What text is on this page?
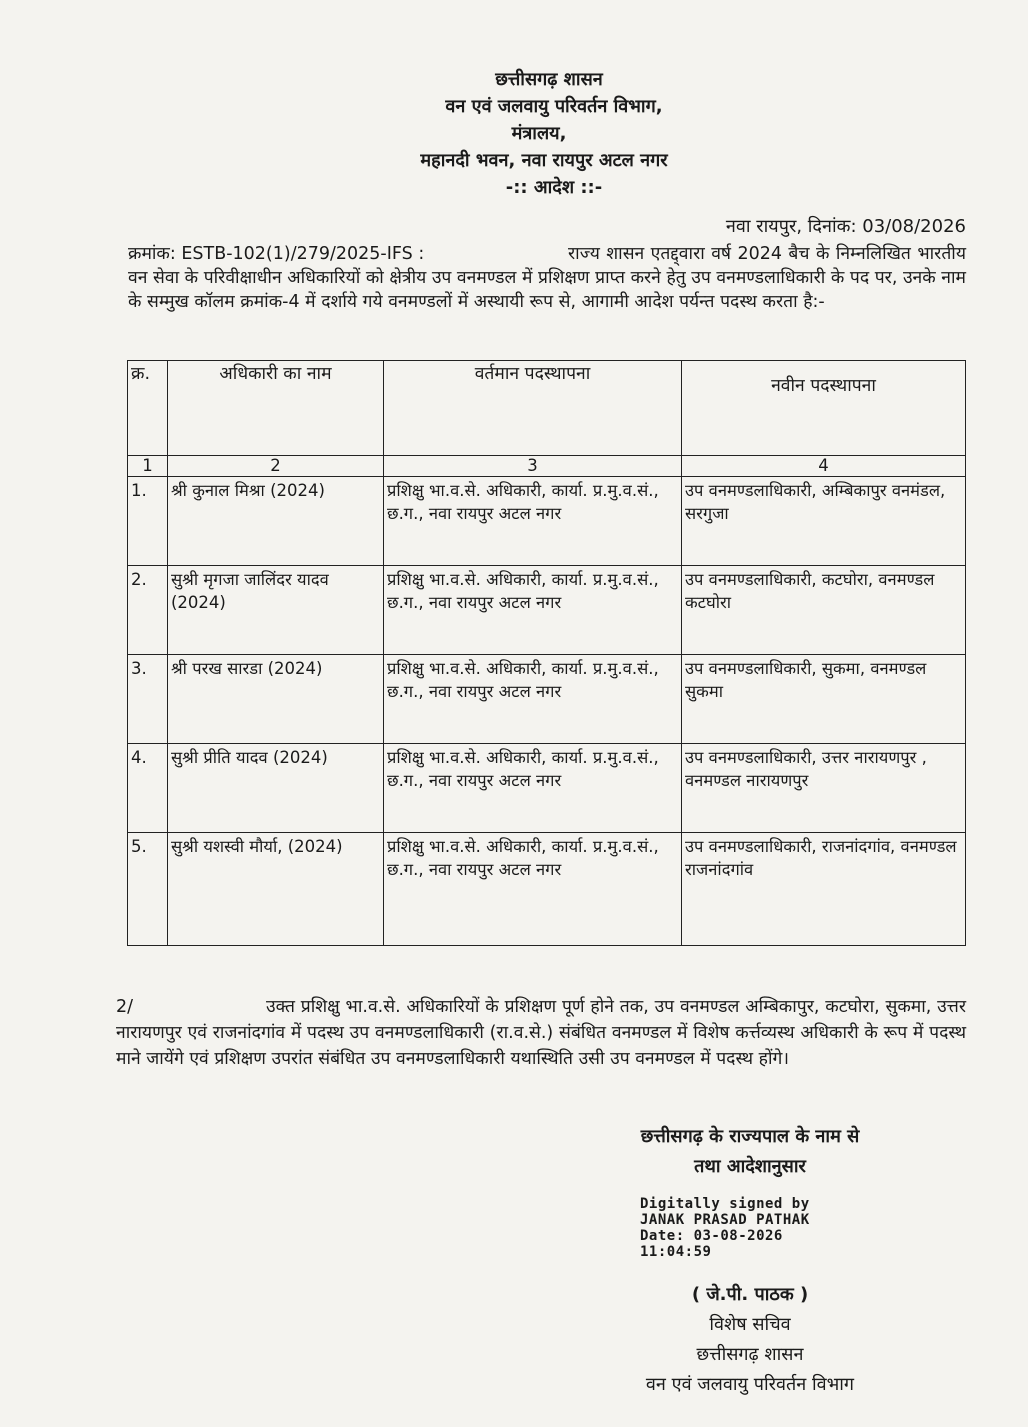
छत्तीसगढ़ शासन
वन एवं जलवायु परिवर्तन विभाग,
मंत्रालय,
महानदी भवन, नवा रायपुर अटल नगर
-:: आदेश ::-
नवा रायपुर, दिनांक: 03/08/2026
क्रमांक: ESTB-102(1)/279/2025-IFS :	राज्य शासन एतद्द्वारा वर्ष 2024 बैच के निम्नलिखित भारतीय वन सेवा के परिवीक्षाधीन अधिकारियों को क्षेत्रीय उप वनमण्डल में प्रशिक्षण प्राप्त करने हेतु उप वनमण्डलाधिकारी के पद पर, उनके नाम के सम्मुख कॉलम क्रमांक-4 में दर्शाये गये वनमण्डलों में अस्थायी रूप से, आगामी आदेश पर्यन्त पदस्थ करता है:-
क्र.	अधिकारी का नाम	वर्तमान पदस्थापना	नवीन पदस्थापना
1	2	3	4
1.	श्री कुनाल मिश्रा (2024)	प्रशिक्षु भा.व.से. अधिकारी, कार्या. प्र.मु.व.सं., छ.ग., नवा रायपुर अटल नगर	उप वनमण्डलाधिकारी, अम्बिकापुर वनमंडल, सरगुजा
2.	सुश्री मृगजा जालिंदर यादव (2024)	प्रशिक्षु भा.व.से. अधिकारी, कार्या. प्र.मु.व.सं., छ.ग., नवा रायपुर अटल नगर	उप वनमण्डलाधिकारी, कटघोरा, वनमण्डल कटघोरा
3.	श्री परख सारडा (2024)	प्रशिक्षु भा.व.से. अधिकारी, कार्या. प्र.मु.व.सं., छ.ग., नवा रायपुर अटल नगर	उप वनमण्डलाधिकारी, सुकमा, वनमण्डल सुकमा
4.	सुश्री प्रीति यादव (2024)	प्रशिक्षु भा.व.से. अधिकारी, कार्या. प्र.मु.व.सं., छ.ग., नवा रायपुर अटल नगर	उप वनमण्डलाधिकारी, उत्तर नारायणपुर , वनमण्डल नारायणपुर
5.	सुश्री यशस्वी मौर्या, (2024)	प्रशिक्षु भा.व.से. अधिकारी, कार्या. प्र.मु.व.सं., छ.ग., नवा रायपुर अटल नगर	उप वनमण्डलाधिकारी, राजनांदगांव, वनमण्डल राजनांदगांव
2/	उक्त प्रशिक्षु भा.व.से. अधिकारियों के प्रशिक्षण पूर्ण होने तक, उप वनमण्डल अम्बिकापुर, कटघोरा, सुकमा, उत्तर नारायणपुर एवं राजनांदगांव में पदस्थ उप वनमण्डलाधिकारी (रा.व.से.) संबंधित वनमण्डल में विशेष कर्त्तव्यस्थ अधिकारी के रूप में पदस्थ माने जायेंगे एवं प्रशिक्षण उपरांत संबंधित उप वनमण्डलाधिकारी यथास्थिति उसी उप वनमण्डल में पदस्थ होंगे।
छत्तीसगढ़ के राज्यपाल के नाम से
तथा आदेशानुसार
Digitally signed by
JANAK PRASAD PATHAK
Date: 03-08-2026
11:04:59
( जे.पी. पाठक )
विशेष सचिव
छत्तीसगढ़ शासन
वन एवं जलवायु परिवर्तन विभाग
